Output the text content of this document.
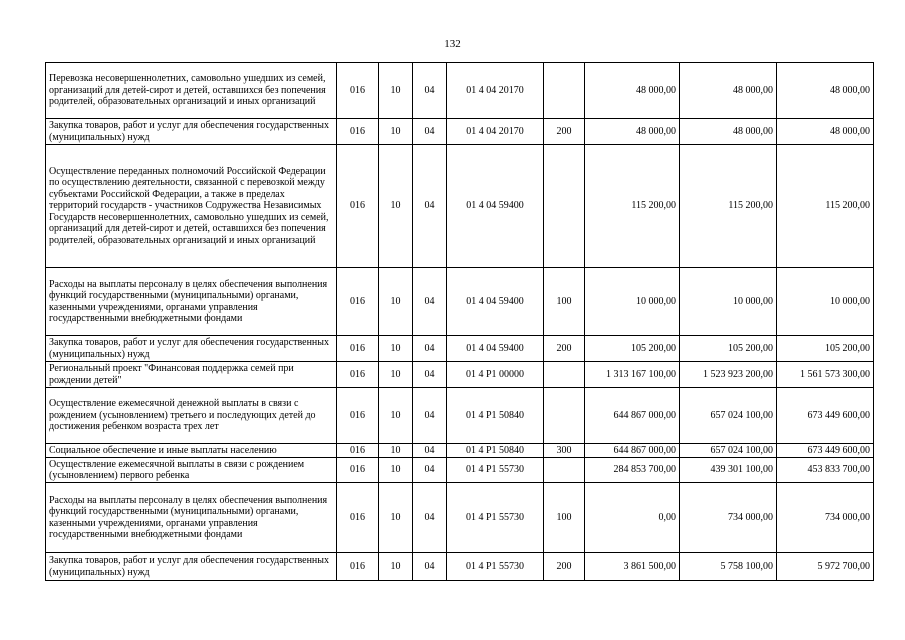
132
Перевозка несовершеннолетних, самовольно ушедших из семей, организаций для детей-сирот и детей, оставшихся без попечения родителей, образовательных организаций и иных организаций	016	10	04	01 4 04 20170		48 000,00	48 000,00	48 000,00
Закупка товаров, работ и услуг для обеспечения государственных (муниципальных) нужд	016	10	04	01 4 04 20170	200	48 000,00	48 000,00	48 000,00
Осуществление переданных полномочий Российской Федерации по осуществлению деятельности, связанной с перевозкой между субъектами Российской Федерации, а также в пределах территорий государств - участников Содружества Независимых Государств несовершеннолетних, самовольно ушедших из семей, организаций для детей-сирот и детей, оставшихся без попечения родителей, образовательных организаций и иных организаций	016	10	04	01 4 04 59400		115 200,00	115 200,00	115 200,00
Расходы на выплаты персоналу в целях обеспечения выполнения функций государственными (муниципальными) органами, казенными учреждениями, органами управления государственными внебюджетными фондами	016	10	04	01 4 04 59400	100	10 000,00	10 000,00	10 000,00
Закупка товаров, работ и услуг для обеспечения государственных (муниципальных) нужд	016	10	04	01 4 04 59400	200	105 200,00	105 200,00	105 200,00
Региональный проект "Финансовая поддержка семей при рождении детей"	016	10	04	01 4 P1 00000		1 313 167 100,00	1 523 923 200,00	1 561 573 300,00
Осуществление ежемесячной денежной выплаты в связи с рождением (усыновлением) третьего и последующих детей до достижения ребенком возраста трех лет	016	10	04	01 4 P1 50840		644 867 000,00	657 024 100,00	673 449 600,00
Социальное обеспечение и иные выплаты населению	016	10	04	01 4 P1 50840	300	644 867 000,00	657 024 100,00	673 449 600,00
Осуществление ежемесячной выплаты в связи с рождением (усыновлением) первого ребенка	016	10	04	01 4 P1 55730		284 853 700,00	439 301 100,00	453 833 700,00
Расходы на выплаты персоналу в целях обеспечения выполнения функций государственными (муниципальными) органами, казенными учреждениями, органами управления государственными внебюджетными фондами	016	10	04	01 4 P1 55730	100	0,00	734 000,00	734 000,00
Закупка товаров, работ и услуг для обеспечения государственных (муниципальных) нужд	016	10	04	01 4 P1 55730	200	3 861 500,00	5 758 100,00	5 972 700,00
